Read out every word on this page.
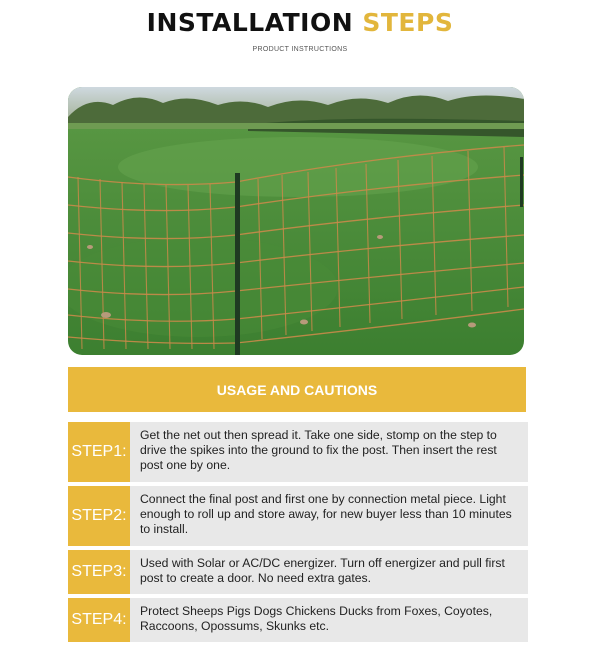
INSTALLATION STEPS
PRODUCT INSTRUCTIONS
USAGE AND CAUTIONS
STEP1:
Get the net out then spread it. Take one side, stomp on the step to drive the spikes into the ground to fix the post. Then insert the rest post one by one.
STEP2:
Connect the final post and first one by connection metal piece. Light enough to roll up and store away, for new buyer less than 10 minutes to install.
STEP3:	Used with Solar or AC/DC energizer. Turn off energizer and pull first post to create a door. No need extra gates.
STEP4:	Protect Sheeps Pigs Dogs Chickens Ducks from Foxes, Coyotes, Raccoons, Opossums, Skunks etc.
